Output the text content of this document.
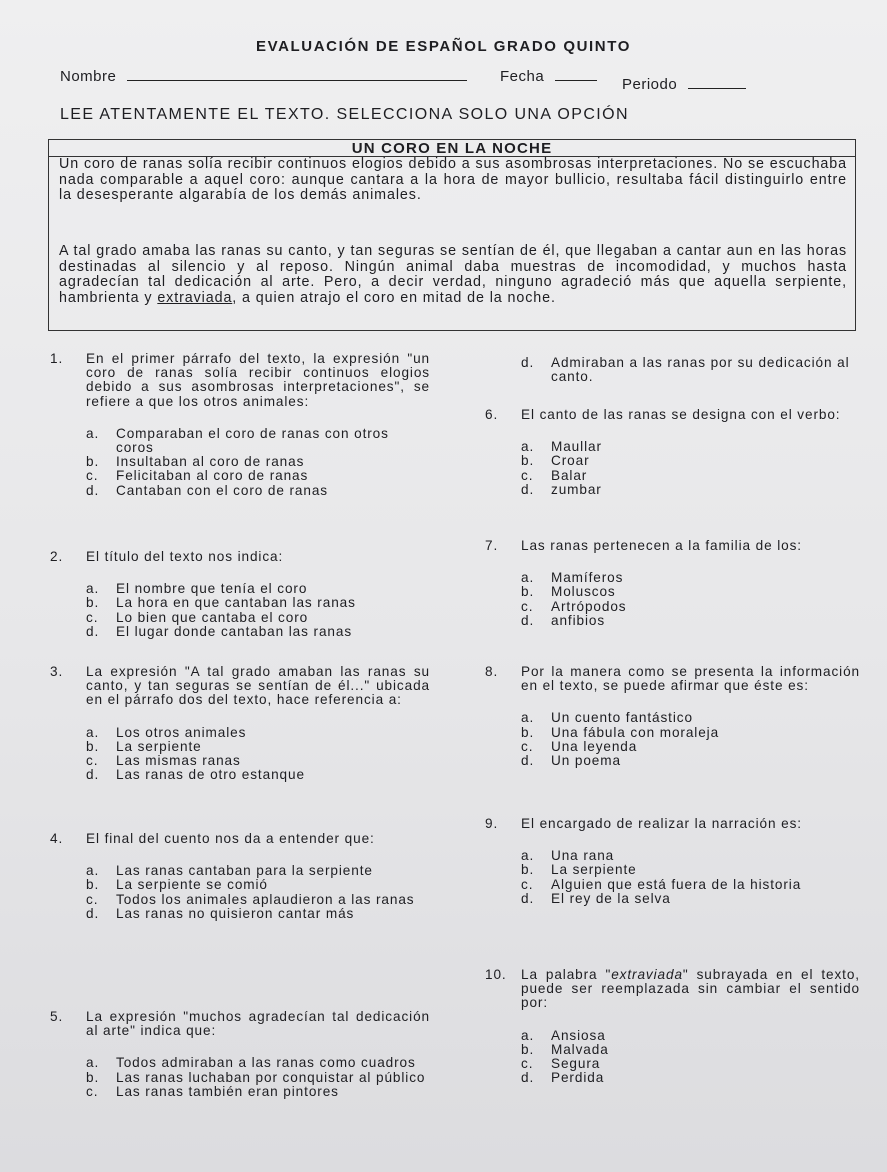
EVALUACIÓN DE ESPAÑOL GRADO QUINTO
Nombre	Fecha	Periodo
LEE ATENTAMENTE EL TEXTO. SELECCIONA SOLO UNA OPCIÓN
UN CORO EN LA NOCHE
Un coro de ranas solía recibir continuos elogios debido a sus asombrosas interpretaciones. No se escuchaba nada comparable a aquel coro: aunque cantara a la hora de mayor bullicio, resultaba fácil distinguirlo entre la desesperante algarabía de los demás animales.
A tal grado amaba las ranas su canto, y tan seguras se sentían de él, que llegaban a cantar aun en las horas destinadas al silencio y al reposo. Ningún animal daba muestras de incomodidad, y muchos hasta agradecían tal dedicación al arte. Pero, a decir verdad, ninguno agradeció más que aquella serpiente, hambrienta y extraviada, a quien atrajo el coro en mitad de la noche.
1.	En el primer párrafo del texto, la expresión "un coro de ranas solía recibir continuos elogios debido a sus asombrosas interpretaciones", se refiere a que los otros animales:
a.	Comparaban el coro de ranas con otros coros
b.	Insultaban al coro de ranas
c.	Felicitaban al coro de ranas
d.	Cantaban con el coro de ranas
2.	El título del texto nos indica:
a.	El nombre que tenía el coro
b.	La hora en que cantaban las ranas
c.	Lo bien que cantaba el coro
d.	El lugar donde cantaban las ranas
3.	La expresión "A tal grado amaban las ranas su canto, y tan seguras se sentían de él..." ubicada en el párrafo dos del texto, hace referencia a:
a.	Los otros animales
b.	La serpiente
c.	Las mismas ranas
d.	Las ranas de otro estanque
4.	El final del cuento nos da a entender que:
a.	Las ranas cantaban para la serpiente
b.	La serpiente se comió
c.	Todos los animales aplaudieron a las ranas
d.	Las ranas no quisieron cantar más
5.	La expresión "muchos agradecían tal dedicación al arte" indica que:
a.	Todos admiraban a las ranas como cuadros
b.	Las ranas luchaban por conquistar al público
c.	Las ranas también eran pintores
d.	Admiraban a las ranas por su dedicación al canto.
6.	El canto de las ranas se designa con el verbo:
a.	Maullar
b.	Croar
c.	Balar
d.	zumbar
7.	Las ranas pertenecen a la familia de los:
a.	Mamíferos
b.	Moluscos
c.	Artrópodos
d.	anfibios
8.	Por la manera como se presenta la información en el texto, se puede afirmar que éste es:
a.	Un cuento fantástico
b.	Una fábula con moraleja
c.	Una leyenda
d.	Un poema
9.	El encargado de realizar la narración es:
a.	Una rana
b.	La serpiente
c.	Alguien que está fuera de la historia
d.	El rey de la selva
10.	La palabra "extraviada" subrayada en el texto, puede ser reemplazada sin cambiar el sentido por:
a.	Ansiosa
b.	Malvada
c.	Segura
d.	Perdida
